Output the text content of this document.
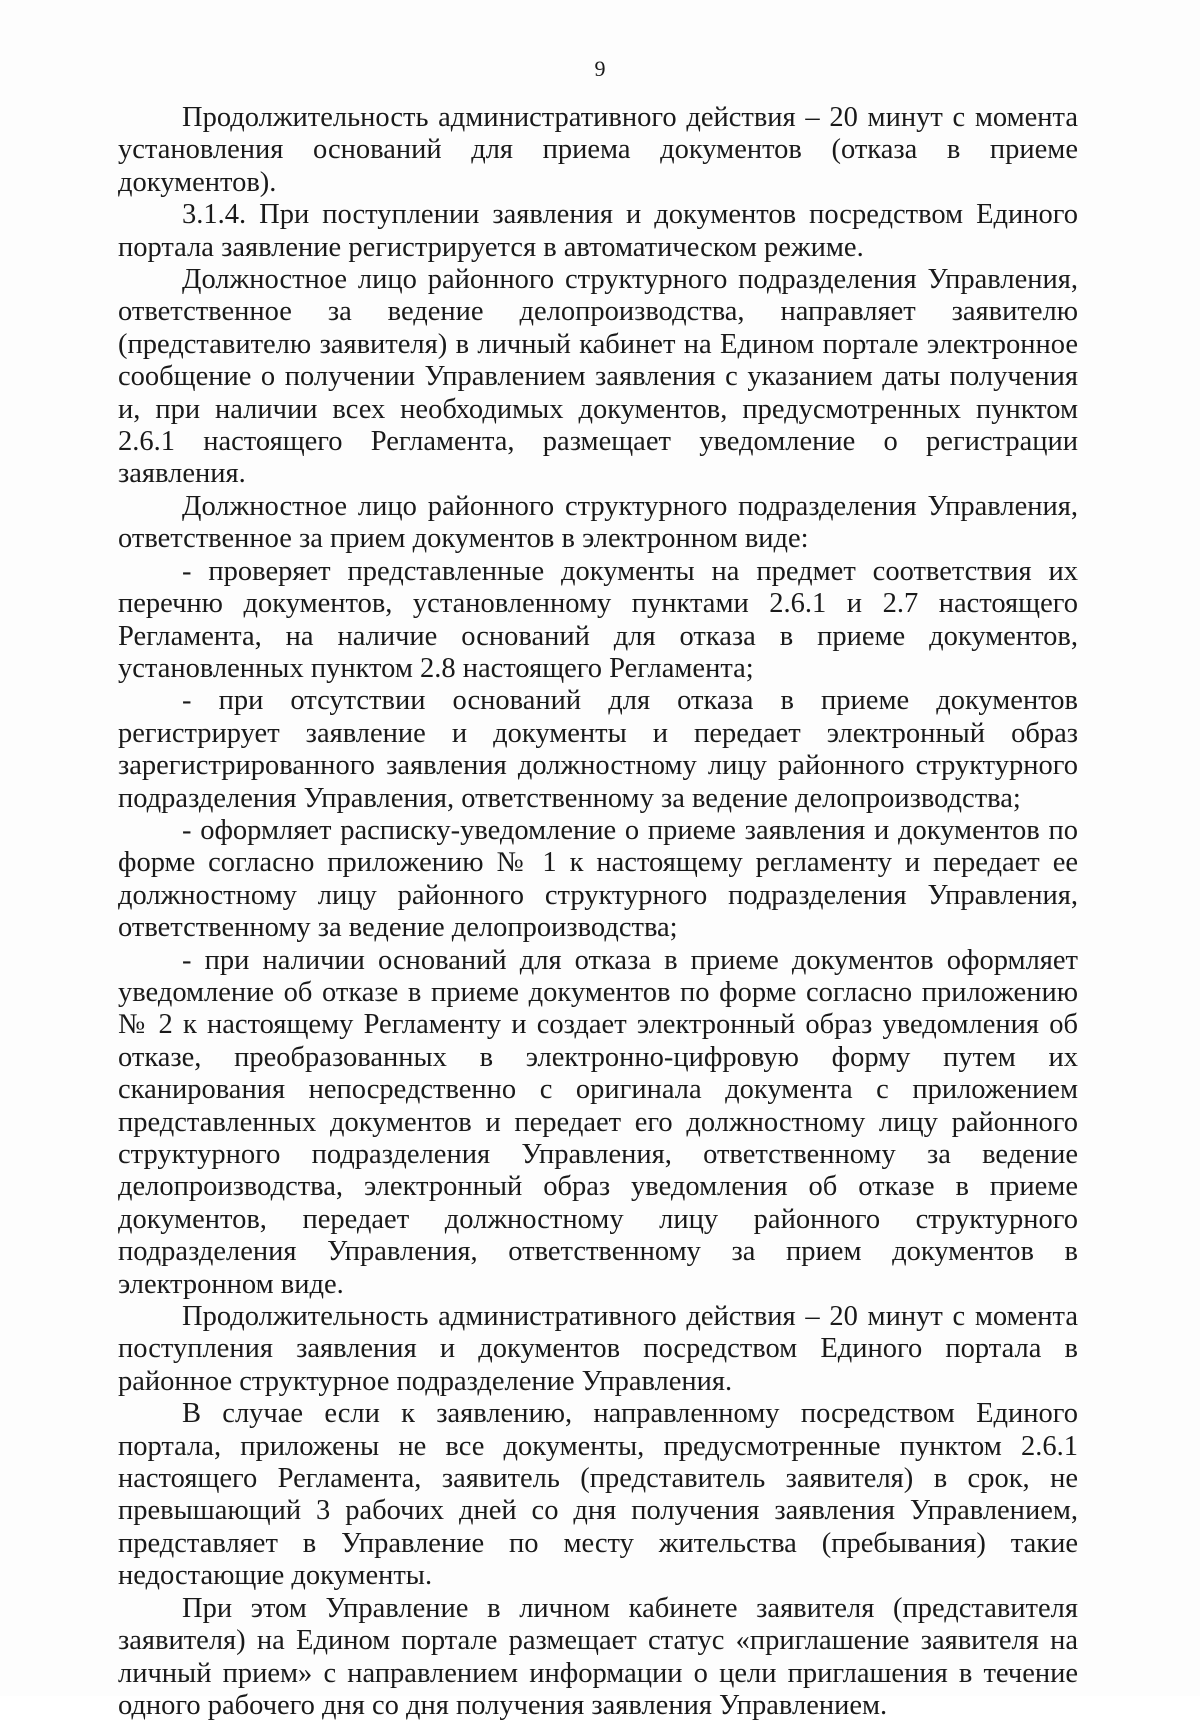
9

Продолжительность административного действия – 20 минут с момента установления оснований для приема документов (отказа в приеме документов).

3.1.4. При поступлении заявления и документов посредством Единого портала заявление регистрируется в автоматическом режиме.

Должностное лицо районного структурного подразделения Управления, ответственное за ведение делопроизводства, направляет заявителю (представителю заявителя) в личный кабинет на Едином портале электронное сообщение о получении Управлением заявления с указанием даты получения и, при наличии всех необходимых документов, предусмотренных пунктом 2.6.1 настоящего Регламента, размещает уведомление о регистрации заявления.

Должностное лицо районного структурного подразделения Управления, ответственное за прием документов в электронном виде:

- проверяет представленные документы на предмет соответствия их перечню документов, установленному пунктами 2.6.1 и 2.7 настоящего Регламента, на наличие оснований для отказа в приеме документов, установленных пунктом 2.8 настоящего Регламента;

- при отсутствии оснований для отказа в приеме документов регистрирует заявление и документы и передает электронный образ зарегистрированного заявления должностному лицу районного структурного подразделения Управления, ответственному за ведение делопроизводства;

- оформляет расписку-уведомление о приеме заявления и документов по форме согласно приложению № 1 к настоящему регламенту и передает ее должностному лицу районного структурного подразделения Управления, ответственному за ведение делопроизводства;

- при наличии оснований для отказа в приеме документов оформляет уведомление об отказе в приеме документов по форме согласно приложению № 2 к настоящему Регламенту и создает электронный образ уведомления об отказе, преобразованных в электронно-цифровую форму путем их сканирования непосредственно с оригинала документа с приложением представленных документов и передает его должностному лицу районного структурного подразделения Управления, ответственному за ведение делопроизводства, электронный образ уведомления об отказе в приеме документов, передает должностному лицу районного структурного подразделения Управления, ответственному за прием документов в электронном виде.

Продолжительность административного действия – 20 минут с момента поступления заявления и документов посредством Единого портала в районное структурное подразделение Управления.

В случае если к заявлению, направленному посредством Единого портала, приложены не все документы, предусмотренные пунктом 2.6.1 настоящего Регламента, заявитель (представитель заявителя) в срок, не превышающий 3 рабочих дней со дня получения заявления Управлением, представляет в Управление по месту жительства (пребывания) такие недостающие документы.

При этом Управление в личном кабинете заявителя (представителя заявителя) на Едином портале размещает статус «приглашение заявителя на личный прием» с направлением информации о цели приглашения в течение одного рабочего дня со дня получения заявления Управлением.
